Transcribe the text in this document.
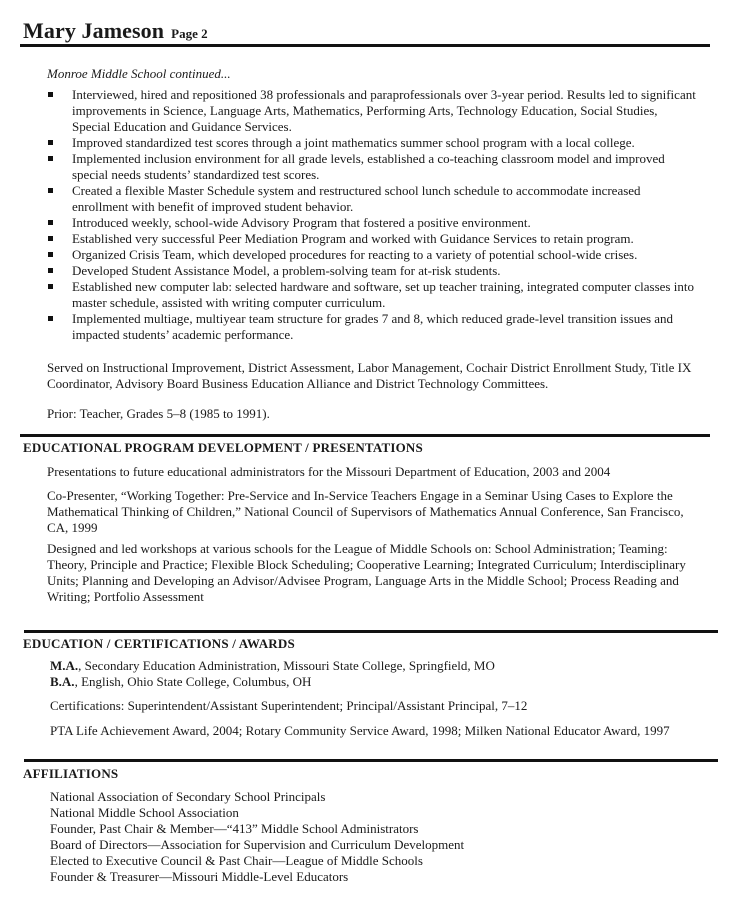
Mary Jameson Page 2
Monroe Middle School continued...
Interviewed, hired and repositioned 38 professionals and paraprofessionals over 3-year period. Results led to significant improvements in Science, Language Arts, Mathematics, Performing Arts, Technology Education, Social Studies, Special Education and Guidance Services.
Improved standardized test scores through a joint mathematics summer school program with a local college.
Implemented inclusion environment for all grade levels, established a co-teaching classroom model and improved special needs students’ standardized test scores.
Created a flexible Master Schedule system and restructured school lunch schedule to accommodate increased enrollment with benefit of improved student behavior.
Introduced weekly, school-wide Advisory Program that fostered a positive environment.
Established very successful Peer Mediation Program and worked with Guidance Services to retain program.
Organized Crisis Team, which developed procedures for reacting to a variety of potential school-wide crises.
Developed Student Assistance Model, a problem-solving team for at-risk students.
Established new computer lab: selected hardware and software, set up teacher training, integrated computer classes into master schedule, assisted with writing computer curriculum.
Implemented multiage, multiyear team structure for grades 7 and 8, which reduced grade-level transition issues and impacted students’ academic performance.

Served on Instructional Improvement, District Assessment, Labor Management, Cochair District Enrollment Study, Title IX Coordinator, Advisory Board Business Education Alliance and District Technology Committees.

Prior: Teacher, Grades 5–8 (1985 to 1991).

EDUCATIONAL PROGRAM DEVELOPMENT / PRESENTATIONS

Presentations to future educational administrators for the Missouri Department of Education, 2003 and 2004

Co-Presenter, “Working Together: Pre-Service and In-Service Teachers Engage in a Seminar Using Cases to Explore the Mathematical Thinking of Children,” National Council of Supervisors of Mathematics Annual Conference, San Francisco, CA, 1999

Designed and led workshops at various schools for the League of Middle Schools on: School Administration; Teaming: Theory, Principle and Practice; Flexible Block Scheduling; Cooperative Learning; Integrated Curriculum; Interdisciplinary Units; Planning and Developing an Advisor/Advisee Program, Language Arts in the Middle School; Process Reading and Writing; Portfolio Assessment

EDUCATION / CERTIFICATIONS / AWARDS
M.A., Secondary Education Administration, Missouri State College, Springfield, MO
B.A., English, Ohio State College, Columbus, OH
Certifications: Superintendent/Assistant Superintendent; Principal/Assistant Principal, 7–12
PTA Life Achievement Award, 2004; Rotary Community Service Award, 1998; Milken National Educator Award, 1997
AFFILIATIONS
National Association of Secondary School Principals
National Middle School Association
Founder, Past Chair & Member—“413” Middle School Administrators
Board of Directors—Association for Supervision and Curriculum Development
Elected to Executive Council & Past Chair—League of Middle Schools
Founder & Treasurer—Missouri Middle-Level Educators
